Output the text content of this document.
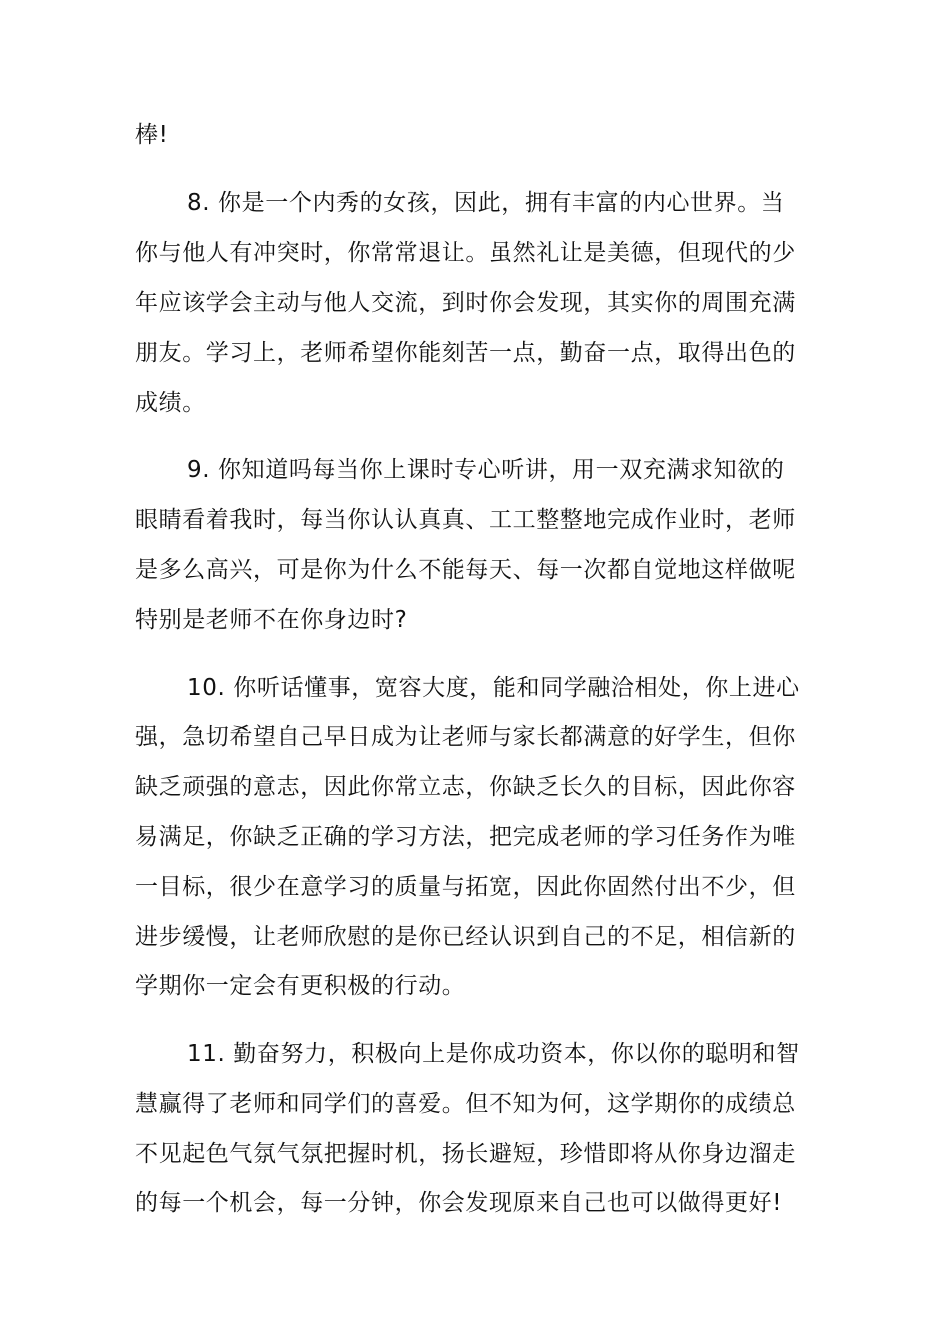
棒!
8. 你是一个内秀的女孩，因此，拥有丰富的内心世界。当
你与他人有冲突时，你常常退让。虽然礼让是美德，但现代的少
年应该学会主动与他人交流，到时你会发现，其实你的周围充满
朋友。学习上，老师希望你能刻苦一点，勤奋一点，取得出色的
成绩。
9. 你知道吗每当你上课时专心听讲，用一双充满求知欲的
眼睛看着我时，每当你认认真真、工工整整地完成作业时，老师
是多么高兴，可是你为什么不能每天、每一次都自觉地这样做呢
特别是老师不在你身边时?
10. 你听话懂事，宽容大度，能和同学融洽相处，你上进心
强，急切希望自己早日成为让老师与家长都满意的好学生，但你
缺乏顽强的意志，因此你常立志，你缺乏长久的目标，因此你容
易满足，你缺乏正确的学习方法，把完成老师的学习任务作为唯
一目标，很少在意学习的质量与拓宽，因此你固然付出不少，但
进步缓慢，让老师欣慰的是你已经认识到自己的不足，相信新的
学期你一定会有更积极的行动。
11. 勤奋努力，积极向上是你成功资本，你以你的聪明和智
慧赢得了老师和同学们的喜爱。但不知为何，这学期你的成绩总
不见起色气氛气氛把握时机，扬长避短，珍惜即将从你身边溜走
的每一个机会，每一分钟，你会发现原来自己也可以做得更好!
